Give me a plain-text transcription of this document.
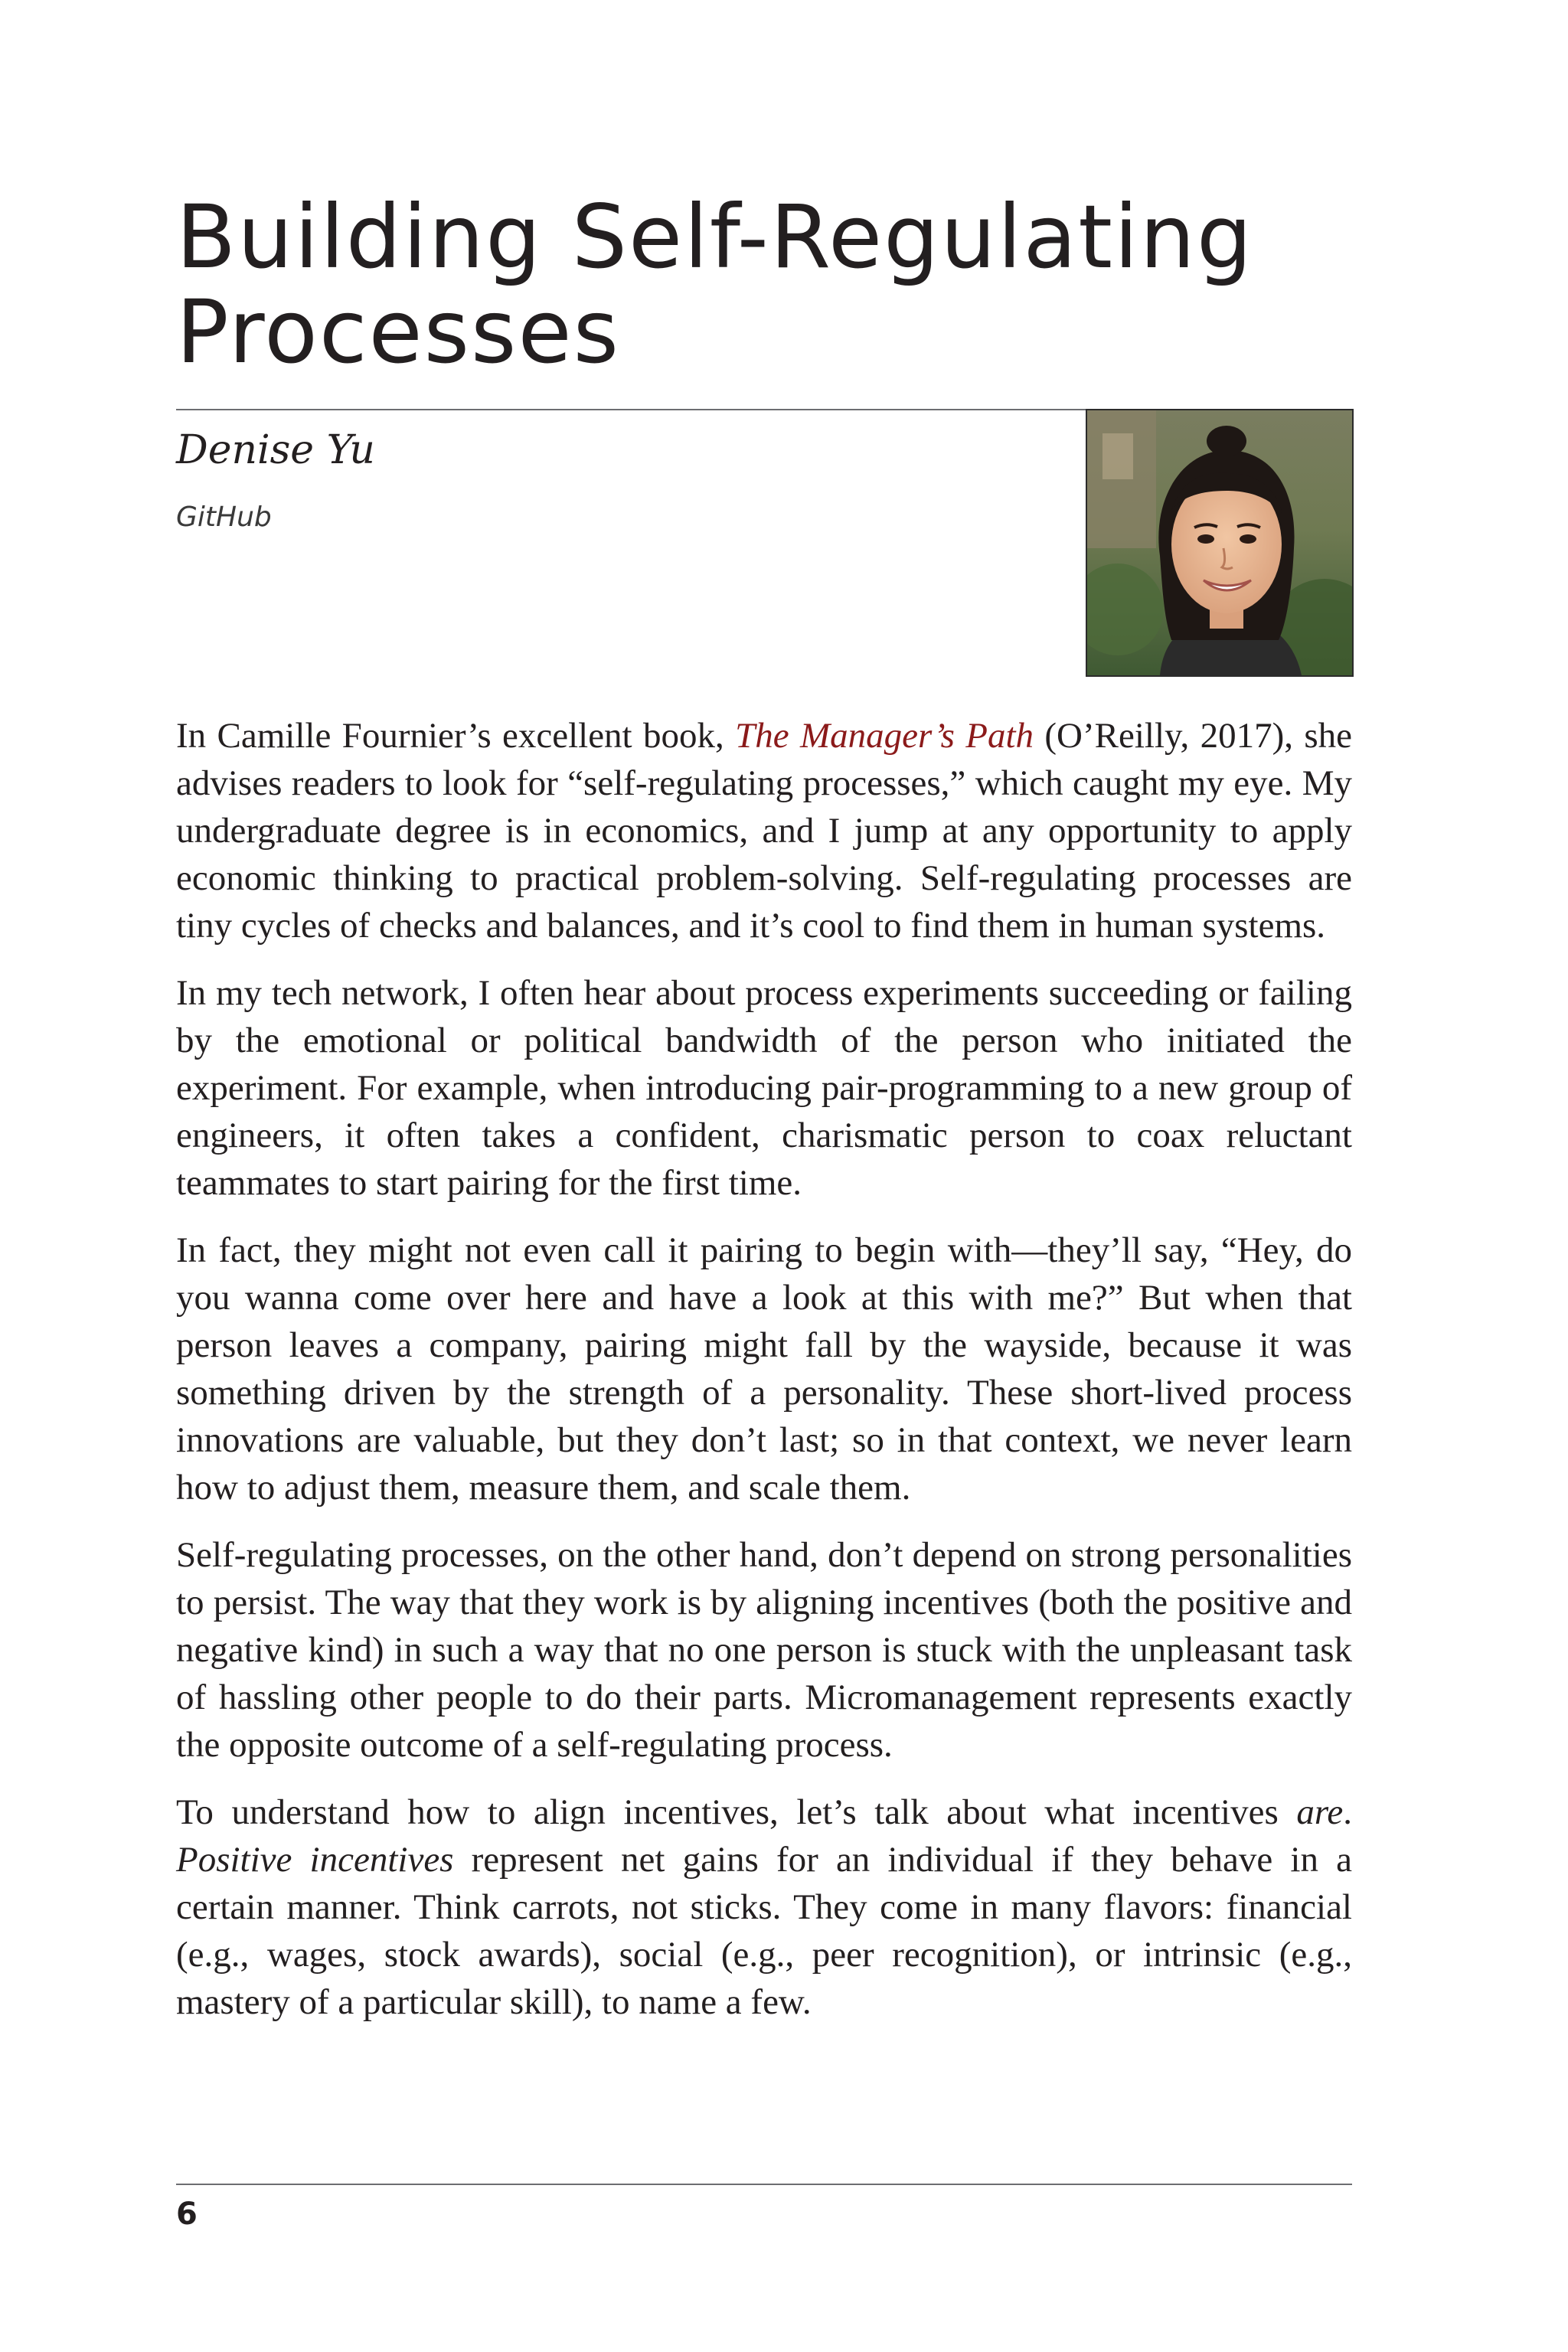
Building Self-Regulating Processes
Denise Yu
GitHub

In Camille Fournier’s excellent book, The Manager’s Path (O’Reilly, 2017), she advises readers to look for “self-regulating processes,” which caught my eye. My undergraduate degree is in economics, and I jump at any opportunity to apply economic thinking to practical problem-solving. Self-regulating processes are tiny cycles of checks and balances, and it’s cool to find them in human systems.

In my tech network, I often hear about process experiments succeeding or failing by the emotional or political bandwidth of the person who initiated the experiment. For example, when introducing pair-programming to a new group of engineers, it often takes a confident, charismatic person to coax reluctant teammates to start pairing for the first time.

In fact, they might not even call it pairing to begin with—they’ll say, “Hey, do you wanna come over here and have a look at this with me?” But when that person leaves a company, pairing might fall by the wayside, because it was something driven by the strength of a personality. These short-lived process innovations are valuable, but they don’t last; so in that context, we never learn how to adjust them, measure them, and scale them.

Self-regulating processes, on the other hand, don’t depend on strong personalities to persist. The way that they work is by aligning incentives (both the positive and negative kind) in such a way that no one person is stuck with the unpleasant task of hassling other people to do their parts. Micromanagement represents exactly the opposite outcome of a self-regulating process.

To understand how to align incentives, let’s talk about what incentives are. Positive incentives represent net gains for an individual if they behave in a certain manner. Think carrots, not sticks. They come in many flavors: financial (e.g., wages, stock awards), social (e.g., peer recognition), or intrinsic (e.g., mastery of a particular skill), to name a few.

6
